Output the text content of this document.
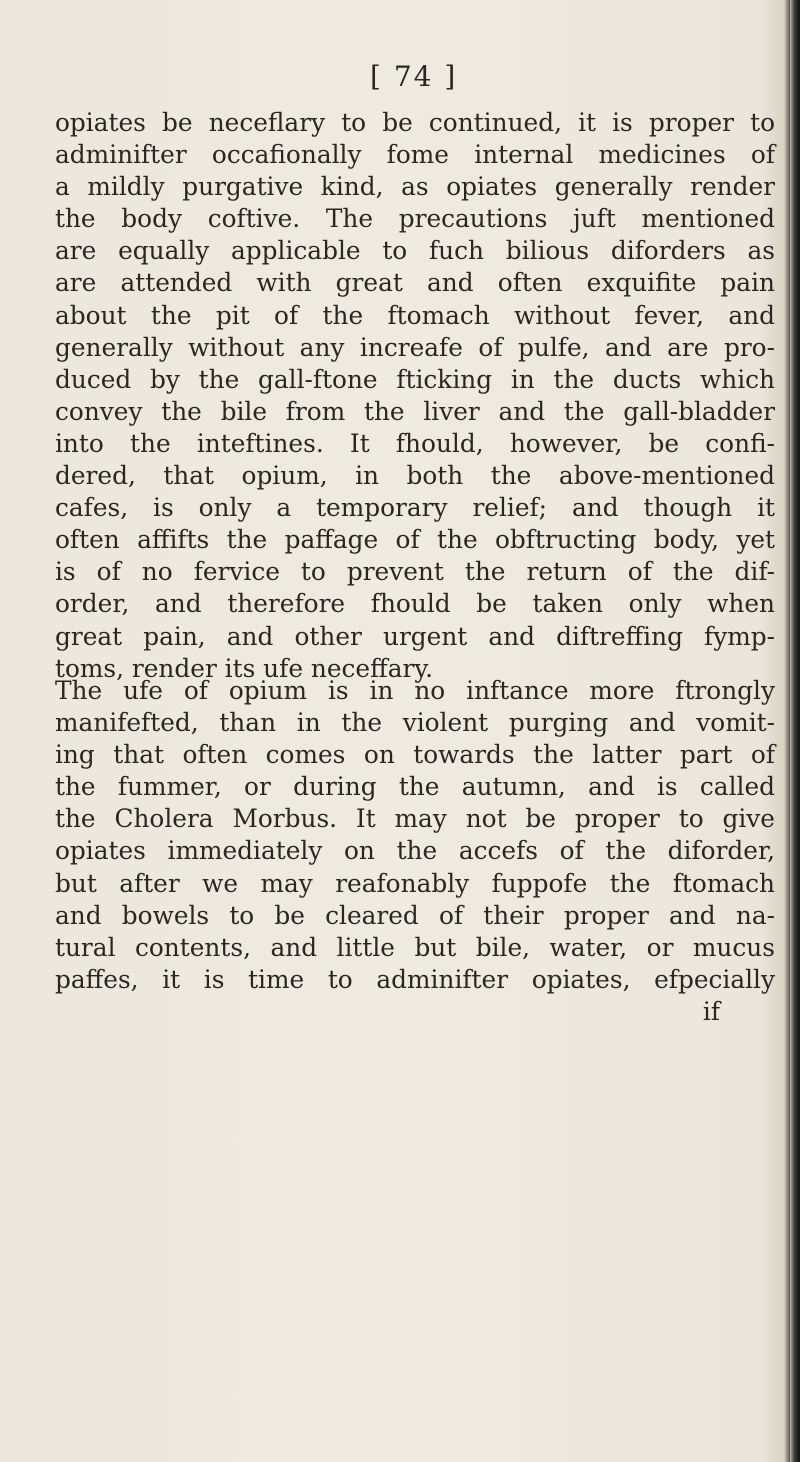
[ 74 ]
opiates be neceflary to be continued, it is proper to
adminifter occafionally fome internal medicines of
a mildly purgative kind, as opiates generally render
the body coftive. The precautions juft mentioned
are equally applicable to fuch bilious diforders as
are attended with great and often exquifite pain
about the pit of the ftomach without fever, and
generally without any increafe of pulfe, and are pro-
duced by the gall-ftone fticking in the ducts which
convey the bile from the liver and the gall-bladder
into the inteftines. It fhould, however, be confi-
dered, that opium, in both the above-mentioned
cafes, is only a temporary relief; and though it
often affifts the paffage of the obftructing body, yet
is of no fervice to prevent the return of the dif-
order, and therefore fhould be taken only when
great pain, and other urgent and diftreffing fymp-
toms, render its ufe neceffary.
The ufe of opium is in no inftance more ftrongly
manifefted, than in the violent purging and vomit-
ing that often comes on towards the latter part of
the fummer, or during the autumn, and is called
the Cholera Morbus. It may not be proper to give
opiates immediately on the accefs of the diforder,
but after we may reafonably fuppofe the ftomach
and bowels to be cleared of their proper and na-
tural contents, and little but bile, water, or mucus
paffes, it is time to adminifter opiates, efpecially
if
